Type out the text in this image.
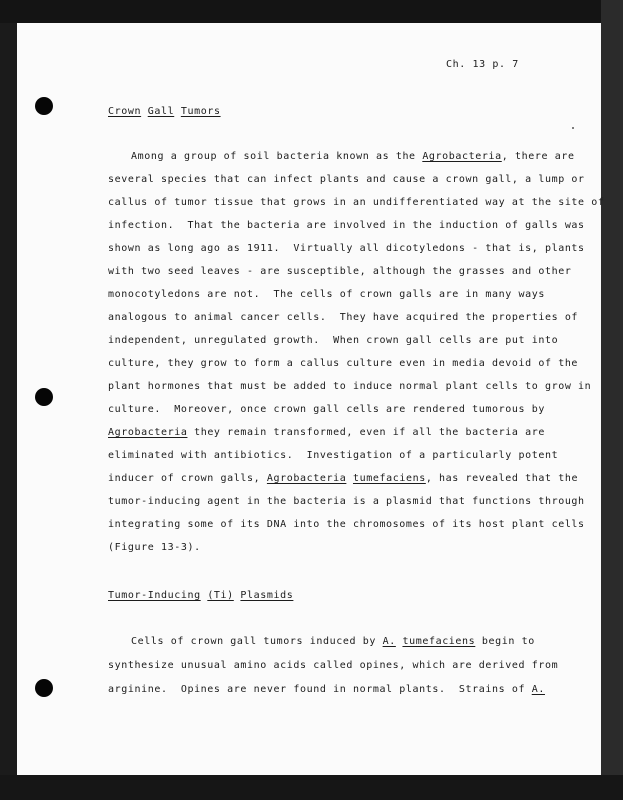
Ch. 13 p. 7
Crown Gall Tumors
Among a group of soil bacteria known as the Agrobacteria, there are
several species that can infect plants and cause a crown gall, a lump or
callus of tumor tissue that grows in an undifferentiated way at the site of
infection.  That the bacteria are involved in the induction of galls was
shown as long ago as 1911.  Virtually all dicotyledons - that is, plants
with two seed leaves - are susceptible, although the grasses and other
monocotyledons are not.  The cells of crown galls are in many ways
analogous to animal cancer cells.  They have acquired the properties of
independent, unregulated growth.  When crown gall cells are put into
culture, they grow to form a callus culture even in media devoid of the
plant hormones that must be added to induce normal plant cells to grow in
culture.  Moreover, once crown gall cells are rendered tumorous by
Agrobacteria they remain transformed, even if all the bacteria are
eliminated with antibiotics.  Investigation of a particularly potent
inducer of crown galls, Agrobacteria tumefaciens, has revealed that the
tumor-inducing agent in the bacteria is a plasmid that functions through
integrating some of its DNA into the chromosomes of its host plant cells
(Figure 13-3).
Tumor-Inducing (Ti) Plasmids
Cells of crown gall tumors induced by A. tumefaciens begin to
synthesize unusual amino acids called opines, which are derived from
arginine.  Opines are never found in normal plants.  Strains of A.
